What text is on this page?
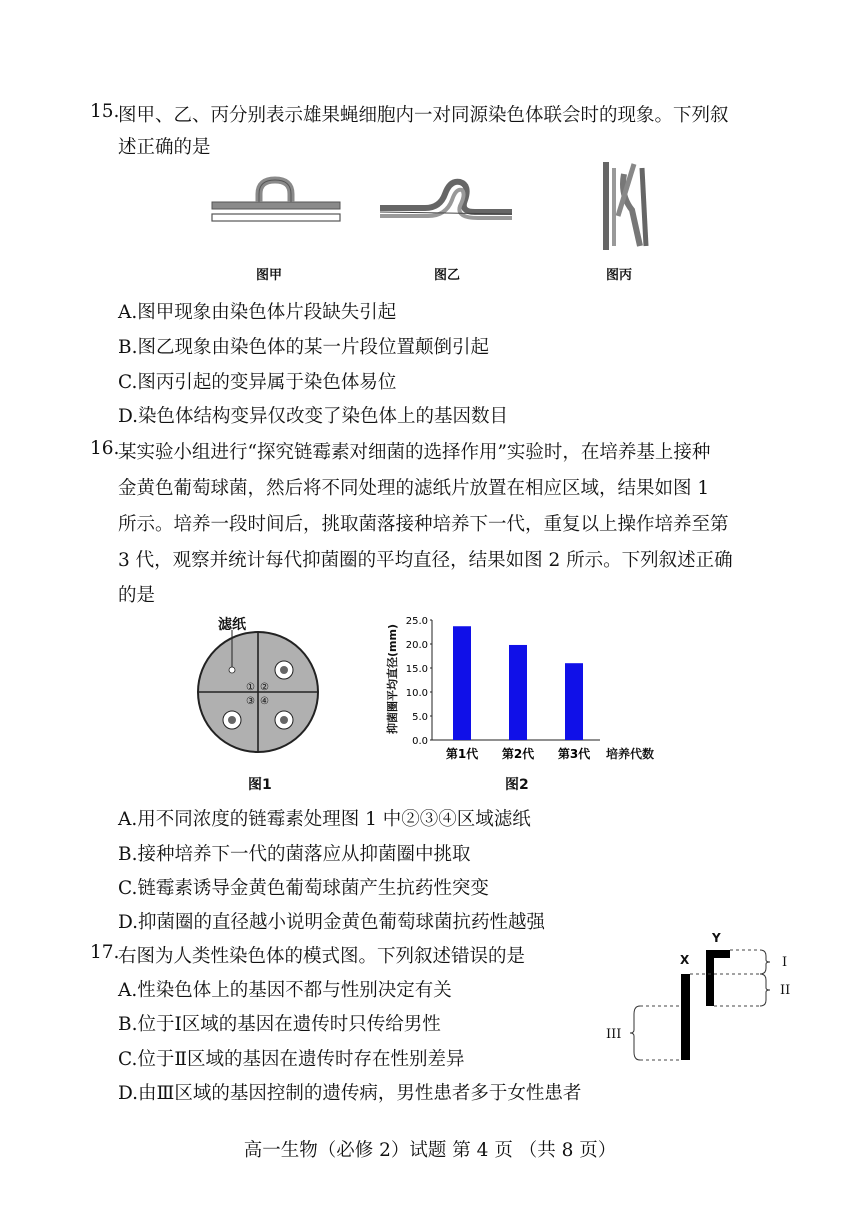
15.
图甲、乙、丙分别表示雄果蝇细胞内一对同源染色体联会时的现象。下列叙
述正确的是
图甲	图乙	图丙
A.图甲现象由染色体片段缺失引起
B.图乙现象由染色体的某一片段位置颠倒引起
C.图丙引起的变异属于染色体易位
D.染色体结构变异仅改变了染色体上的基因数目
16.
某实验小组进行“探究链霉素对细菌的选择作用”实验时，在培养基上接种
金黄色葡萄球菌，然后将不同处理的滤纸片放置在相应区域，结果如图 1
所示。培养一段时间后，挑取菌落接种培养下一代，重复以上操作培养至第
3 代，观察并统计每代抑菌圈的平均直径，结果如图 2 所示。下列叙述正确
的是
滤纸
① ②
③ ④
图1
抑菌圈平均直径(mm)
0.0
5.0
10.0
15.0
20.0
25.0
第1代 第2代 第3代 培养代数
图2
A.用不同浓度的链霉素处理图 1 中②③④区域滤纸
B.接种培养下一代的菌落应从抑菌圈中挑取
C.链霉素诱导金黄色葡萄球菌产生抗药性突变
D.抑菌圈的直径越小说明金黄色葡萄球菌抗药性越强
17.
右图为人类性染色体的模式图。下列叙述错误的是
A.性染色体上的基因不都与性别决定有关
B.位于Ⅰ区域的基因在遗传时只传给男性
C.位于Ⅱ区域的基因在遗传时存在性别差异
D.由Ⅲ区域的基因控制的遗传病，男性患者多于女性患者
Y
X	I
II
III
高一生物（必修 2）试题 第 4 页 （共 8 页）
